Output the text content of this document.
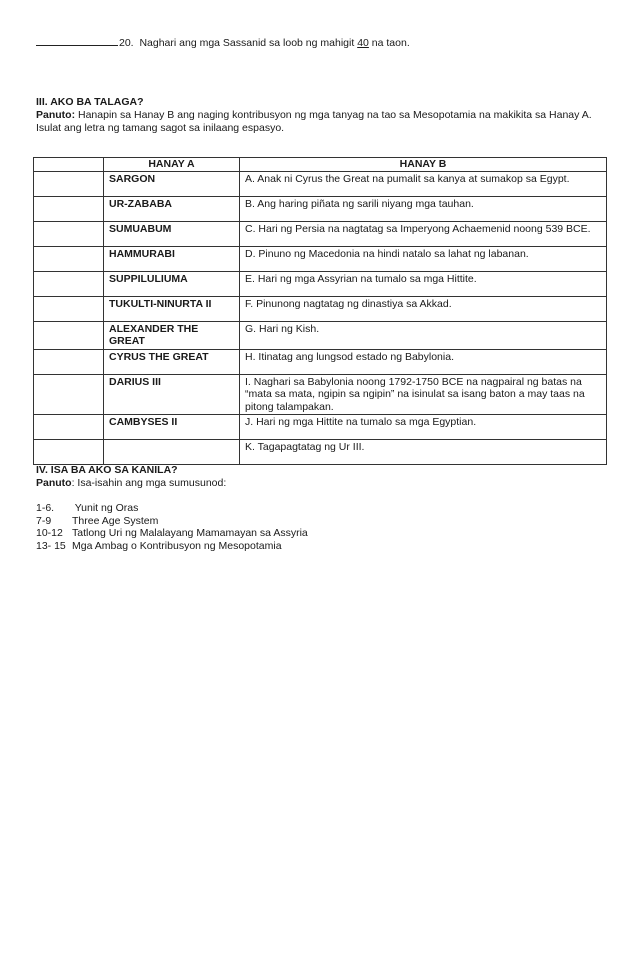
20. Naghari ang mga Sassanid sa loob ng mahigit 40 na taon.
III. AKO BA TALAGA?
Panuto: Hanapin sa Hanay B ang naging kontribusyon ng mga tanyag na tao sa Mesopotamia na makikita sa Hanay A. Isulat ang letra ng tamang sagot sa inilaang espasyo.
	HANAY A	HANAY B
	SARGON	A. Anak ni Cyrus the Great na pumalit sa kanya at sumakop sa Egypt.
	UR-ZABABA	B. Ang haring piñata ng sarili niyang mga tauhan.
	SUMUABUM	C. Hari ng Persia na nagtatag sa Imperyong Achaemenid noong 539 BCE.
	HAMMURABI	D. Pinuno ng Macedonia na hindi natalo sa lahat ng labanan.
	SUPPILULIUMA	E. Hari ng mga Assyrian na tumalo sa mga Hittite.
	TUKULTI-NINURTA II	F. Pinunong nagtatag ng dinastiya sa Akkad.
	ALEXANDER THE GREAT	G. Hari ng Kish.
	CYRUS THE GREAT	H. Itinatag ang lungsod estado ng Babylonia.
	DARIUS III	I. Naghari sa Babylonia noong 1792-1750 BCE na nagpairal ng batas na “mata sa mata, ngipin sa ngipin” na isinulat sa isang baton a may taas na pitong talampakan.
	CAMBYSES II	J. Hari ng mga Hittite na tumalo sa mga Egyptian.
		K. Tagapagtatag ng Ur III.
IV. ISA BA AKO SA KANILA?
Panuto: Isa-isahin ang mga sumusunod:
1-6. Yunit ng Oras
7-9 Three Age System
10-12 Tatlong Uri ng Malalayang Mamamayan sa Assyria
13- 15 Mga Ambag o Kontribusyon ng Mesopotamia
